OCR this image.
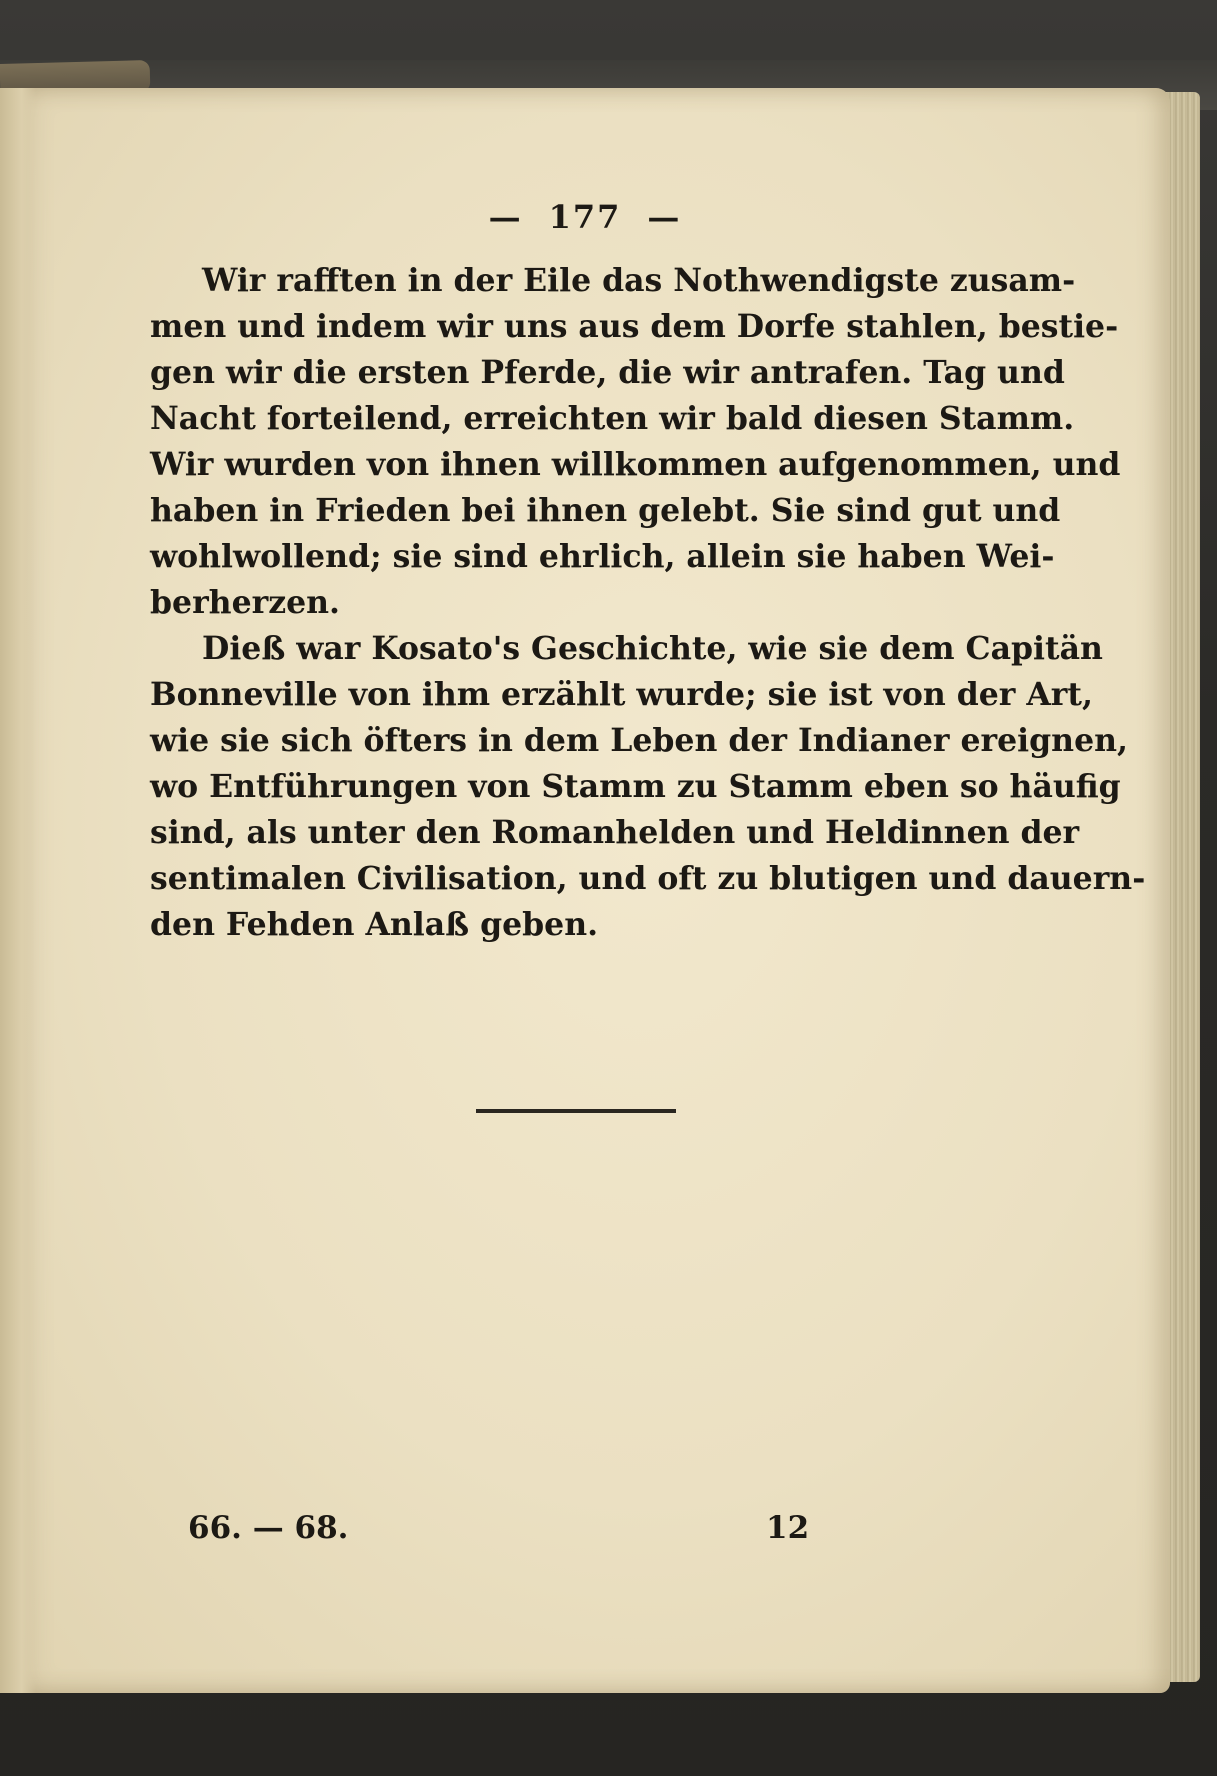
— 177 —

Wir rafften in der Eile das Nothwendigste zusam-
men und indem wir uns aus dem Dorfe stahlen, bestie-
gen wir die ersten Pferde, die wir antrafen. Tag und
Nacht forteilend, erreichten wir bald diesen Stamm.
Wir wurden von ihnen willkommen aufgenommen, und
haben in Frieden bei ihnen gelebt. Sie sind gut und
wohlwollend; sie sind ehrlich, allein sie haben Wei-
berherzen.

Dieß war Kosato's Geschichte, wie sie dem Capitän
Bonneville von ihm erzählt wurde; sie ist von der Art,
wie sie sich öfters in dem Leben der Indianer ereignen,
wo Entführungen von Stamm zu Stamm eben so häufig
sind, als unter den Romanhelden und Heldinnen der
sentimalen Civilisation, und oft zu blutigen und dauern-
den Fehden Anlaß geben.

66. — 68.	12
